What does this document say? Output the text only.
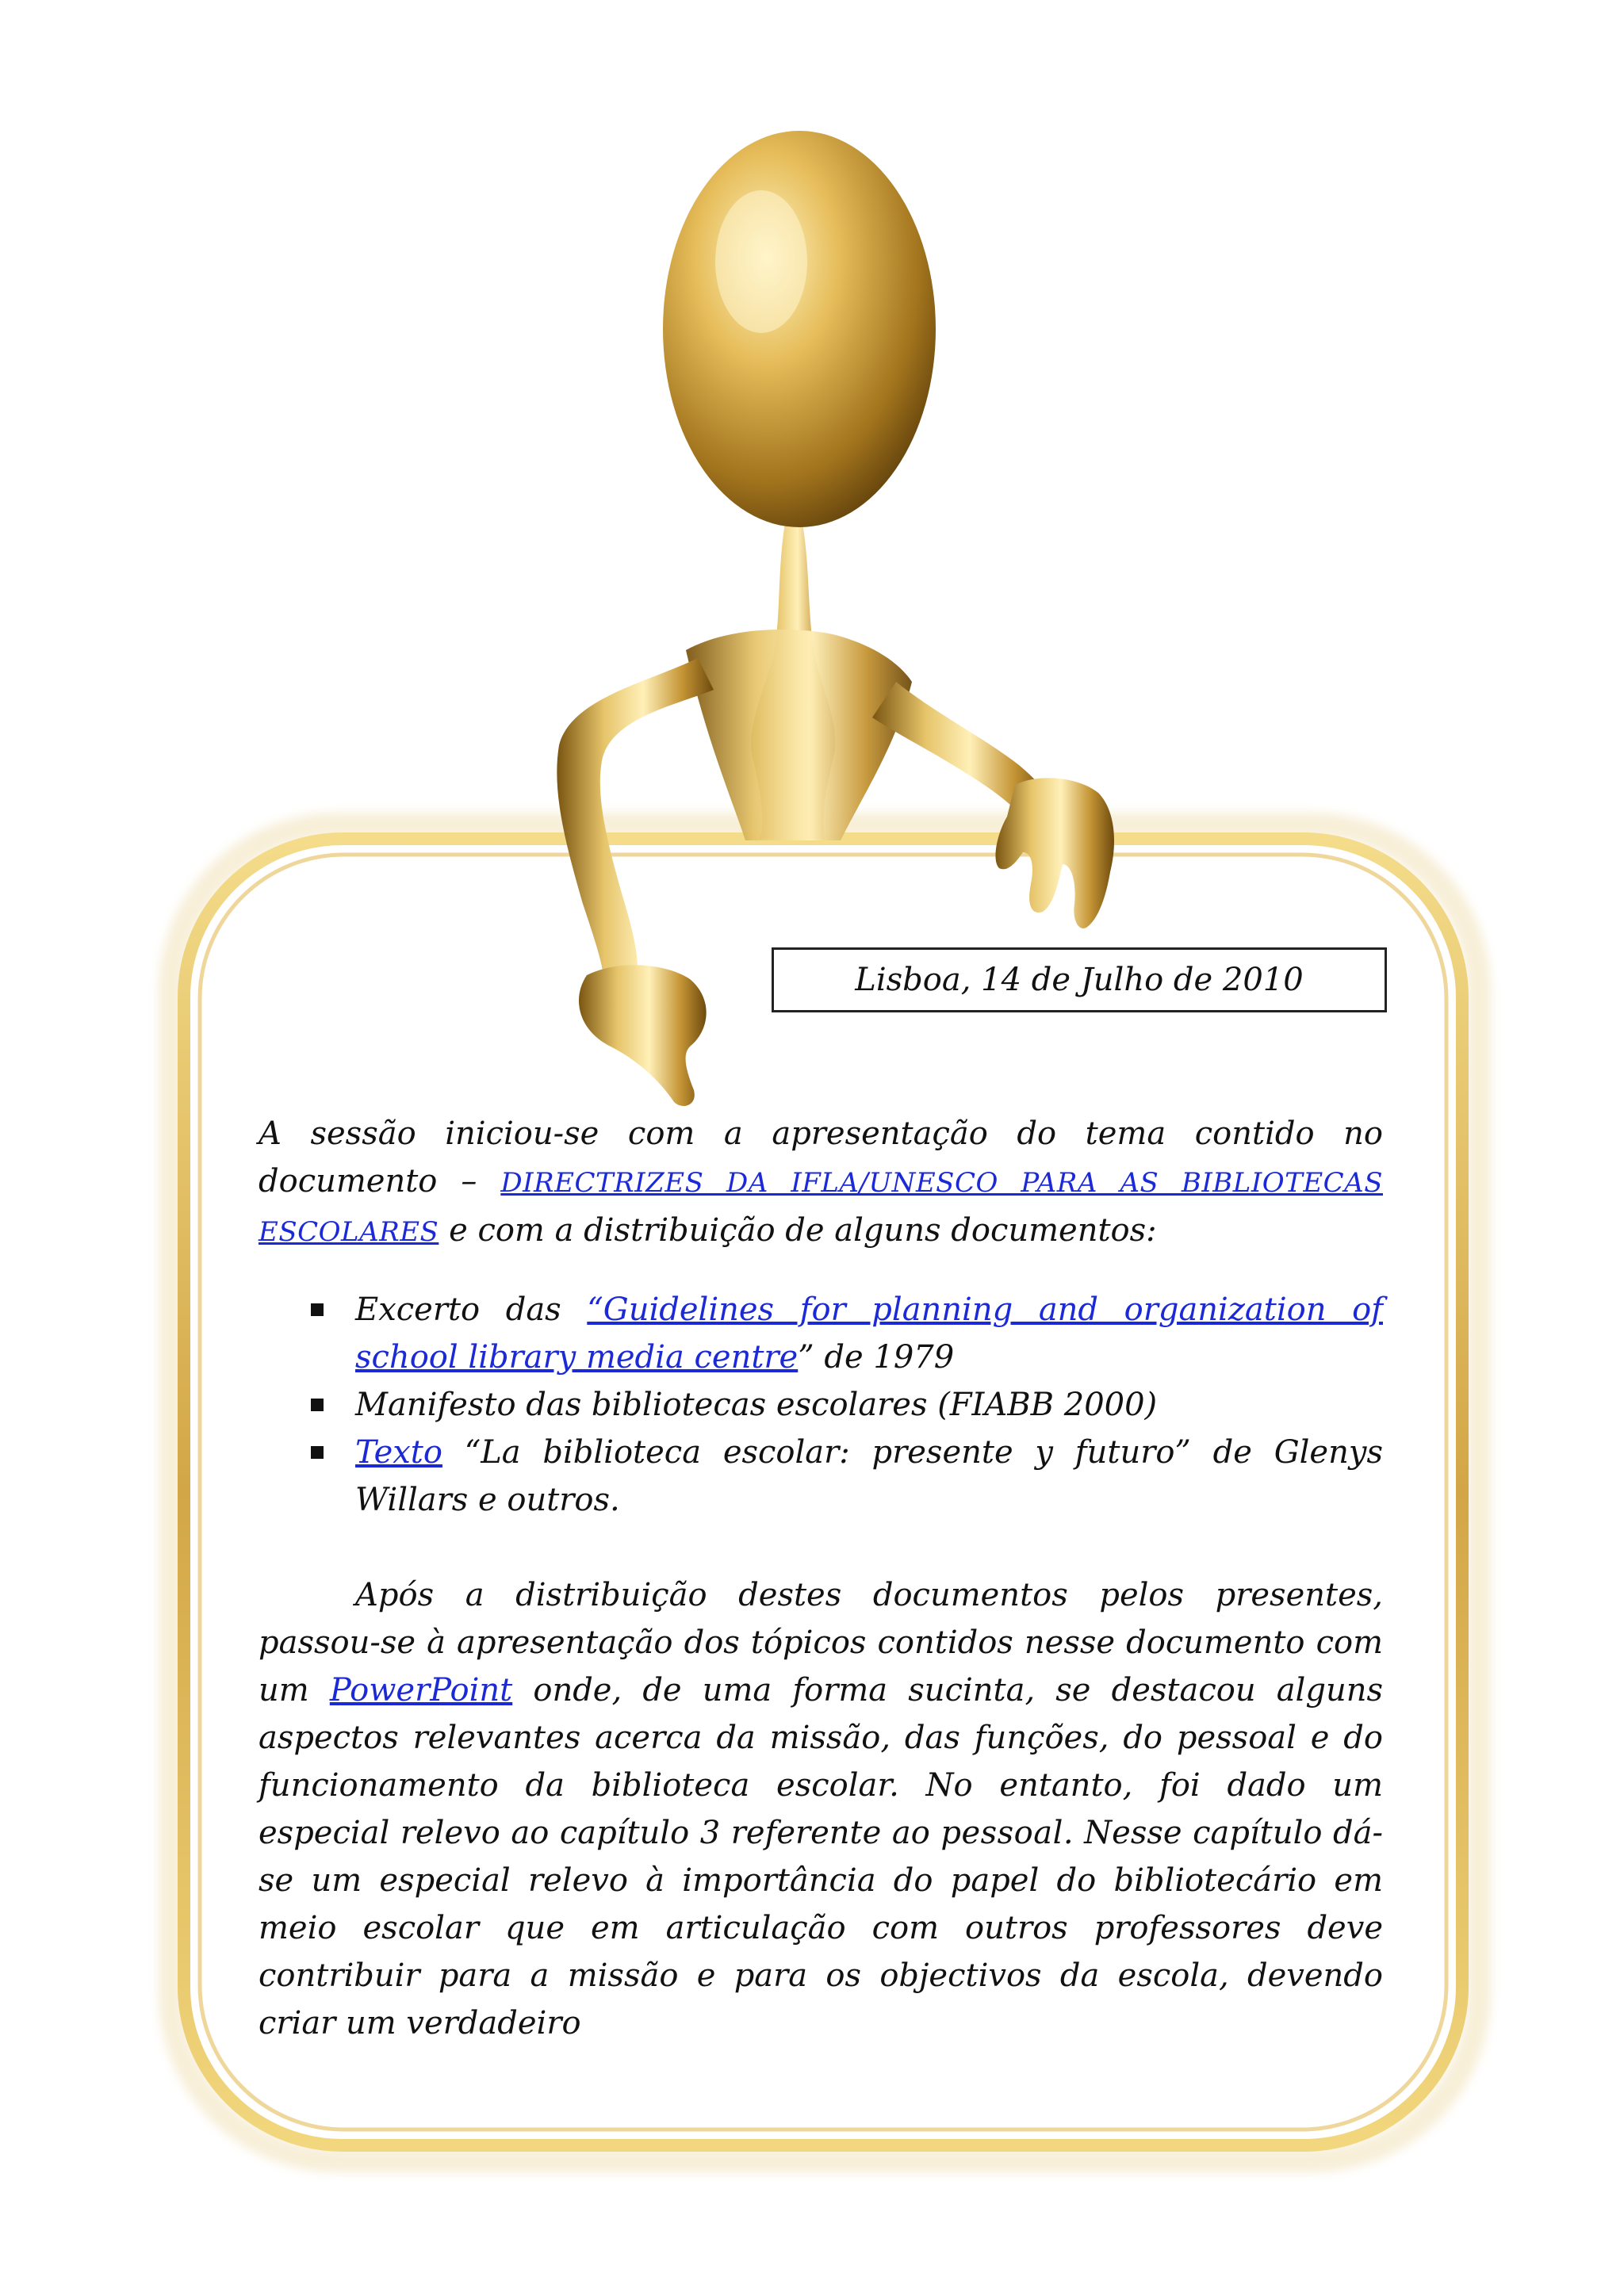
Lisboa, 14 de Julho de 2010

A sessão iniciou-se com a apresentação do tema contido no documento – DIRECTRIZES DA IFLA/UNESCO PARA AS BIBLIOTECAS ESCOLARES e com a distribuição de alguns documentos:

Excerto das “Guidelines for planning and organization of school library media centre” de 1979
Manifesto das bibliotecas escolares (FIABB 2000)
Texto “La biblioteca escolar: presente y futuro” de Glenys Willars e outros.

Após a distribuição destes documentos pelos presentes, passou-se à apresentação dos tópicos contidos nesse documento com um PowerPoint onde, de uma forma sucinta, se destacou alguns aspectos relevantes acerca da missão, das funções, do pessoal e do funcionamento da biblioteca escolar. No entanto, foi dado um especial relevo ao capítulo 3 referente ao pessoal. Nesse capítulo dá-se um especial relevo à importância do papel do bibliotecário em meio escolar que em articulação com outros professores deve contribuir para a missão e para os objectivos da escola, devendo criar um verdadeiro
